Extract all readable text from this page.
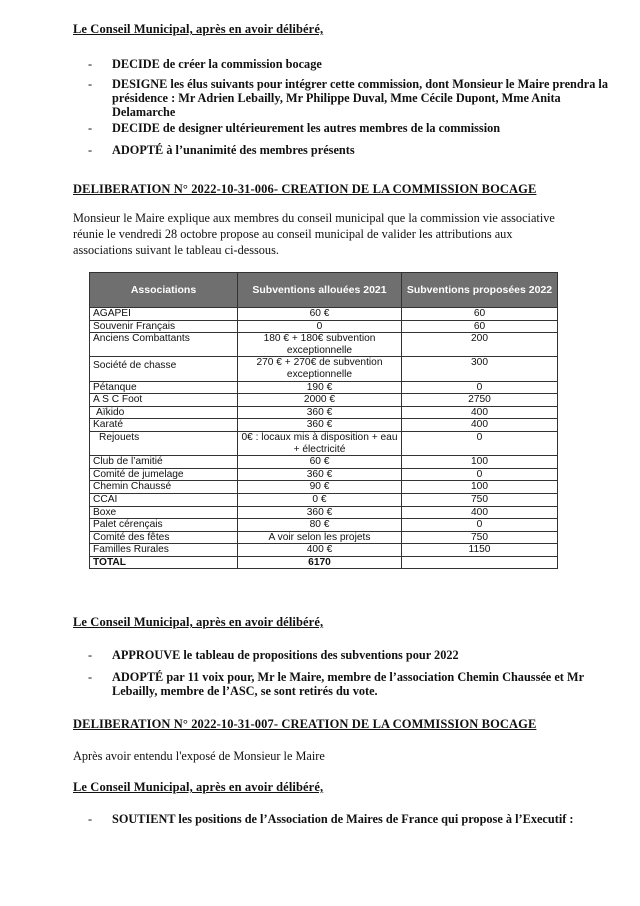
Le Conseil Municipal, après en avoir délibéré,
- DECIDE de créer la commission bocage
- DESIGNE les élus suivants pour intégrer cette commission, dont Monsieur le Maire prendra la présidence : Mr Adrien Lebailly, Mr Philippe Duval, Mme Cécile Dupont, Mme Anita Delamarche
- DECIDE de designer ultérieurement les autres membres de la commission
- ADOPTÉ à l’unanimité des membres présents
DELIBERATION N° 2022-10-31-006- CREATION DE LA COMMISSION BOCAGE
Monsieur le Maire explique aux membres du conseil municipal que la commission vie associative réunie le vendredi 28 octobre propose au conseil municipal de valider les attributions aux associations suivant le tableau ci-dessous.
Associations	Subventions allouées 2021	Subventions proposées 2022
AGAPEI	60 €	60
Souvenir Français	0	60
Anciens Combattants	180 € + 180€ subvention exceptionnelle	200
Société de chasse	270 € + 270€ de subvention exceptionnelle	300
Pétanque	190 €	0
A S C Foot	2000 €	2750
Aïkido	360 €	400
Karaté	360 €	400
Rejouets	0€ : locaux mis à disposition + eau + électricité	0
Club de l’amitié	60 €	100
Comité de jumelage	360 €	0
Chemin Chaussé	90 €	100
CCAI	0 €	750
Boxe	360 €	400
Palet cérençais	80 €	0
Comité des fêtes	A voir selon les projets	750
Familles Rurales	400 €	1150
TOTAL	6170	
Le Conseil Municipal, après en avoir délibéré,
- APPROUVE le tableau de propositions des subventions pour 2022
- ADOPTÉ par 11 voix pour, Mr le Maire, membre de l’association Chemin Chaussée et Mr Lebailly, membre de l’ASC, se sont retirés du vote.
DELIBERATION N° 2022-10-31-007- CREATION DE LA COMMISSION BOCAGE
Après avoir entendu l'exposé de Monsieur le Maire
Le Conseil Municipal, après en avoir délibéré,
- SOUTIENT les positions de l’Association de Maires de France qui propose à l’Executif :
